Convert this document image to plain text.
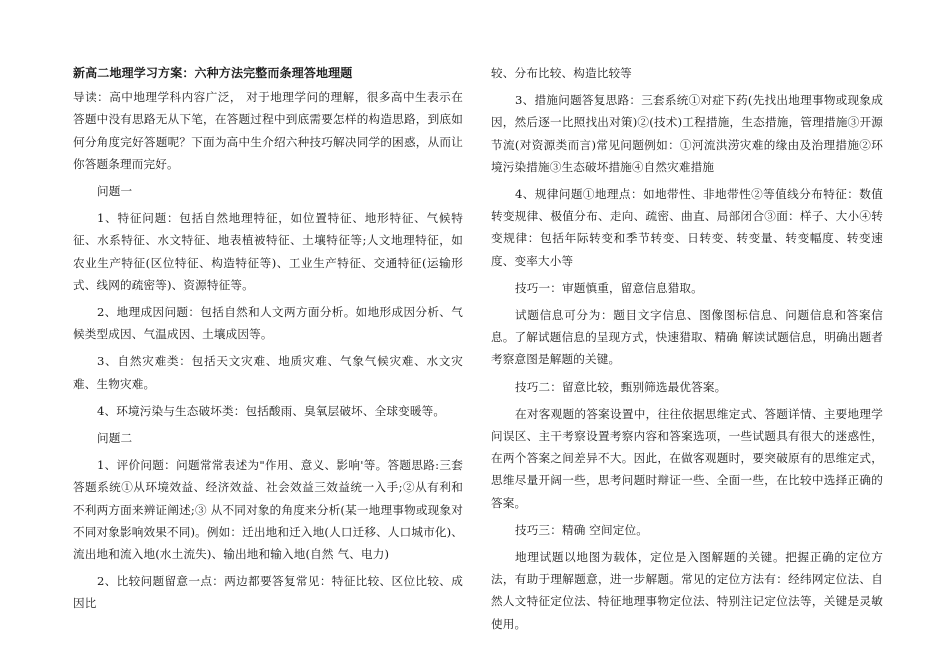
新高二地理学习方案：六种方法完整而条理答地理题

导读：高中地理学科内容广泛， 对于地理学问的理解，很多高中生表示在答题中没有思路无从下笔，在答题过程中到底需要怎样的构造思路，到底如何分角度完好答题呢？下面为高中生介绍六种技巧解决同学的困惑，从而让你答题条理而完好。

问题一

1、特征问题：包括自然地理特征，如位置特征、地形特征、气候特征、水系特征、水文特征、地表植被特征、土壤特征等;人文地理特征，如农业生产特征(区位特征、构造特征等)、工业生产特征、交通特征(运输形式、线网的疏密等)、资源特征等。

2、地理成因问题：包括自然和人文两方面分析。如地形成因分析、气候类型成因、气温成因、土壤成因等。

3、自然灾难类：包括天文灾难、地质灾难、气象气候灾难、水文灾难、生物灾难。

4、环境污染与生态破坏类：包括酸雨、臭氧层破坏、全球变暖等。

问题二

1、评价问题：问题常常表述为"作用、意义、影响'等。答题思路:三套答题系统①从环境效益、经济效益、社会效益三效益统一入手;②从有利和不利两方面来辨证阐述;③ 从不同对象的角度来分析(某一地理事物或现象对不同对象影响效果不同)。例如：迁出地和迁入地(人口迁移、人口城市化)、流出地和流入地(水土流失)、输出地和输入地(自然 气、电力)

2、比较问题留意一点：两边都要答复常见：特征比较、区位比较、成因比

较、分布比较、构造比较等

3、措施问题答复思路：三套系统①对症下药(先找出地理事物或现象成因，然后逐一比照找出对策)②(技术)工程措施，生态措施，管理措施③开源节流(对资源类而言)常见问题例如：①河流洪涝灾难的缘由及治理措施②环境污染措施③生态破坏措施④自然灾难措施

4、规律问题①地理点：如地带性、非地带性②等值线分布特征：数值转变规律、极值分布、走向、疏密、曲直、局部闭合③面：样子、大小④转变规律：包括年际转变和季节转变、日转变、转变量、转变幅度、转变速度、变率大小等

技巧一：审题慎重，留意信息猎取。

试题信息可分为：题目文字信息、图像图标信息、问题信息和答案信息。了解试题信息的呈现方式，快速猎取、精确 解读试题信息，明确出题者考察意图是解题的关键。

技巧二：留意比较，甄别筛选最优答案。

在对客观题的答案设置中，往往依据思维定式、答题详情、主要地理学问误区、主干考察设置考察内容和答案选项，一些试题具有很大的迷惑性，在两个答案之间差异不大。因此，在做客观题时，要突破原有的思维定式，思维尽量开阔一些，思考问题时辩证一些、全面一些，在比较中选择正确的答案。

技巧三：精确 空间定位。

地理试题以地图为载体，定位是入图解题的关键。把握正确的定位方法，有助于理解题意，进一步解题。常见的定位方法有：经纬网定位法、自然人文特征定位法、特征地理事物定位法、特别注记定位法等，关键是灵敏使用。
